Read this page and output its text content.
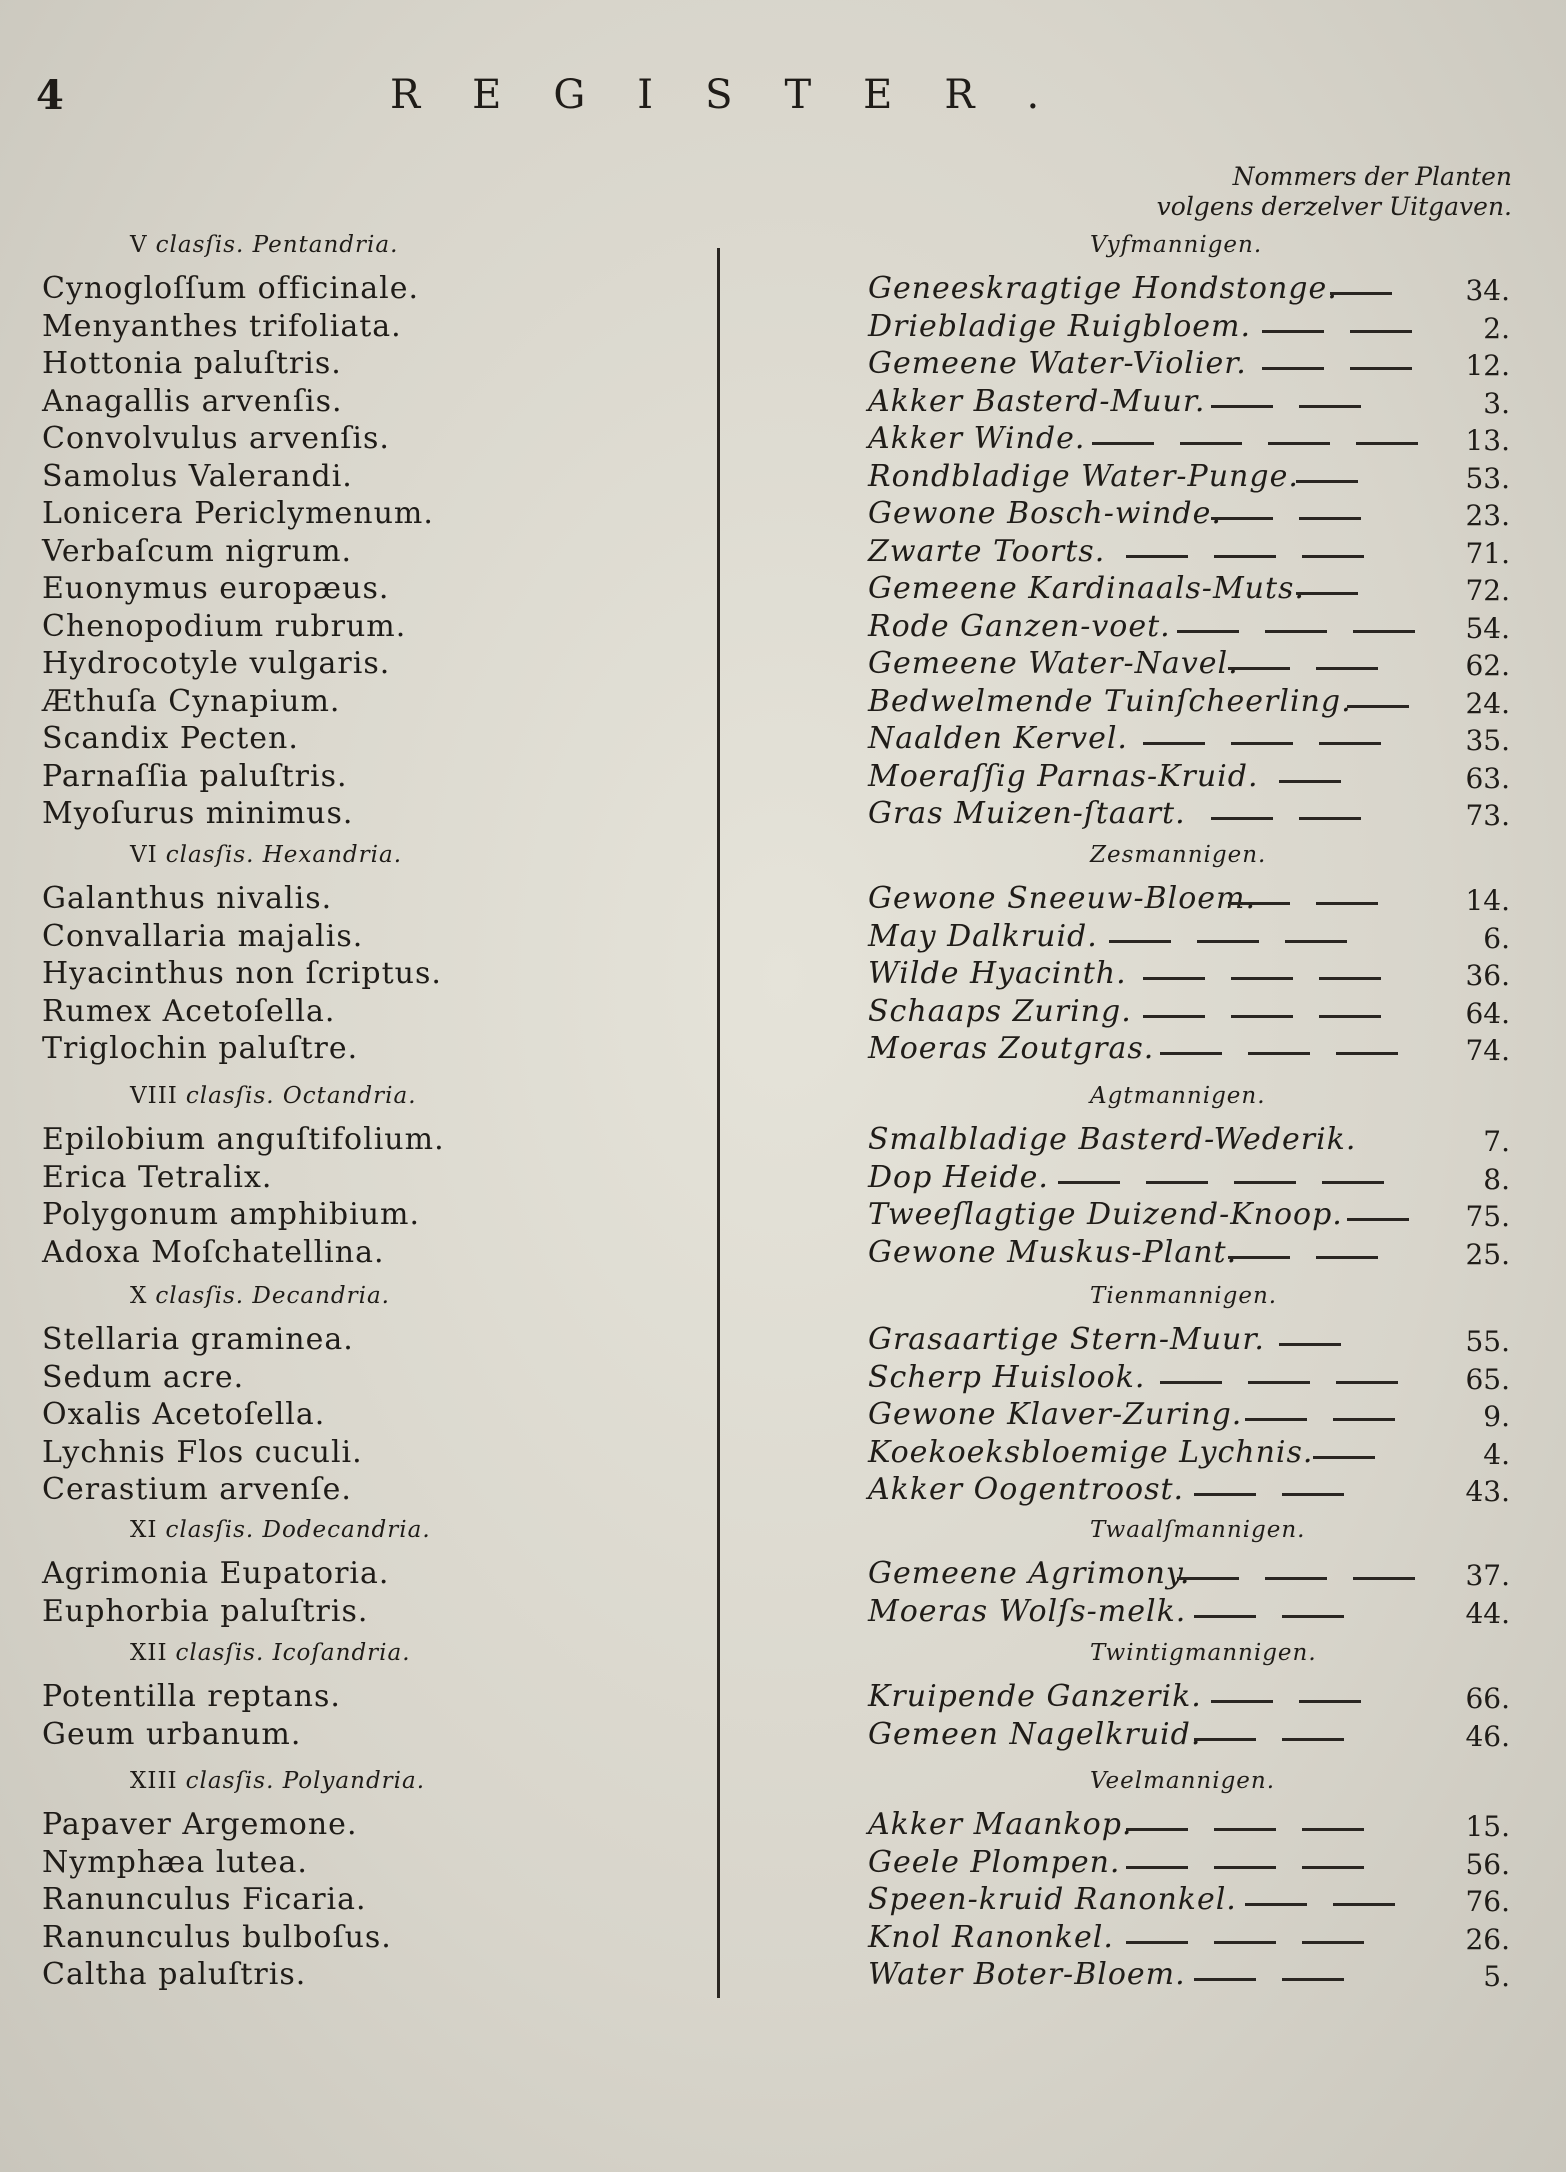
4	REGISTER.
Nommers der Planten
volgens derzelver Uitgaven.
V clasſis. Pentandria.	Vyfmannigen.
Cynogloſſum officinale.	Geneeskragtige Hondstonge.	34.
Menyanthes trifoliata.	Driebladige Ruigbloem.	2.
Hottonia paluſtris.	Gemeene Water-Violier.	12.
Anagallis arvenſis.	Akker Basterd-Muur.	3.
Convolvulus arvenſis.	Akker Winde.	13.
Samolus Valerandi.	Rondbladige Water-Punge.	53.
Lonicera Periclymenum.	Gewone Bosch-winde.	23.
Verbaſcum nigrum.	Zwarte Toorts.	71.
Euonymus europæus.	Gemeene Kardinaals-Muts.	72.
Chenopodium rubrum.	Rode Ganzen-voet.	54.
Hydrocotyle vulgaris.	Gemeene Water-Navel.	62.
Æthuſa Cynapium.	Bedwelmende Tuinſcheerling.	24.
Scandix Pecten.	Naalden Kervel.	35.
Parnaſſia paluſtris.	Moeraſſig Parnas-Kruid.	63.
Myoſurus minimus.	Gras Muizen-ſtaart.	73.
VI clasſis. Hexandria.	Zesmannigen.
Galanthus nivalis.	Gewone Sneeuw-Bloem.	14.
Convallaria majalis.	May Dalkruid.	6.
Hyacinthus non ſcriptus.	Wilde Hyacinth.	36.
Rumex Acetoſella.	Schaaps Zuring.	64.
Triglochin paluſtre.	Moeras Zoutgras.	74.
VIII clasſis. Octandria.	Agtmannigen.
Epilobium anguſtifolium.	Smalbladige Basterd-Wederik.	7.
Erica Tetralix.	Dop Heide.	8.
Polygonum amphibium.	Tweeſlagtige Duizend-Knoop.	75.
Adoxa Moſchatellina.	Gewone Muskus-Plant.	25.
X clasſis. Decandria.	Tienmannigen.
Stellaria graminea.	Grasaartige Stern-Muur.	55.
Sedum acre.	Scherp Huislook.	65.
Oxalis Acetoſella.	Gewone Klaver-Zuring.	9.
Lychnis Flos cuculi.	Koekoeksbloemige Lychnis.	4.
Cerastium arvenſe.	Akker Oogentroost.	43.
XI clasſis. Dodecandria.	Twaalſmannigen.
Agrimonia Eupatoria.	Gemeene Agrimony.	37.
Euphorbia paluſtris.	Moeras Wolſs-melk.	44.
XII clasſis. Icoſandria.	Twintigmannigen.
Potentilla reptans.	Kruipende Ganzerik.	66.
Geum urbanum.	Gemeen Nagelkruid.	46.
XIII clasſis. Polyandria.	Veelmannigen.
Papaver Argemone.	Akker Maankop.	15.
Nymphæa lutea.	Geele Plompen.	56.
Ranunculus Ficaria.	Speen-kruid Ranonkel.	76.
Ranunculus bulboſus.	Knol Ranonkel.	26.
Caltha paluſtris.	Water Boter-Bloem.	5.
